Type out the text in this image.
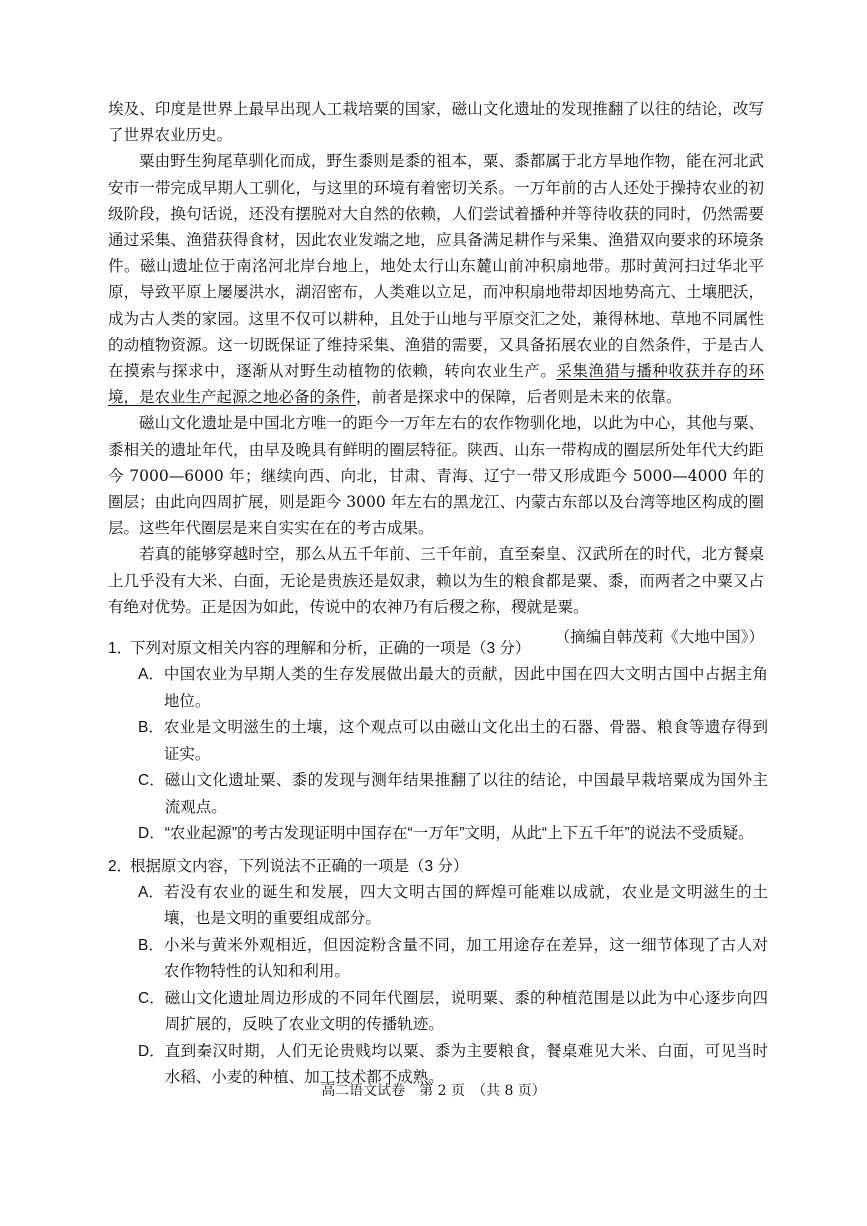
埃及、印度是世界上最早出现人工栽培粟的国家，磁山文化遗址的发现推翻了以往的结论，改写了世界农业历史。

粟由野生狗尾草驯化而成，野生黍则是黍的祖本，粟、黍都属于北方旱地作物，能在河北武安市一带完成早期人工驯化，与这里的环境有着密切关系。一万年前的古人还处于操持农业的初级阶段，换句话说，还没有摆脱对大自然的依赖，人们尝试着播种并等待收获的同时，仍然需要通过采集、渔猎获得食材，因此农业发端之地，应具备满足耕作与采集、渔猎双向要求的环境条件。磁山遗址位于南洺河北岸台地上，地处太行山东麓山前冲积扇地带。那时黄河扫过华北平原，导致平原上屡屡洪水，湖沼密布，人类难以立足，而冲积扇地带却因地势高亢、土壤肥沃，成为古人类的家园。这里不仅可以耕种，且处于山地与平原交汇之处，兼得林地、草地不同属性的动植物资源。这一切既保证了维持采集、渔猎的需要，又具备拓展农业的自然条件，于是古人在摸索与探求中，逐渐从对野生动植物的依赖，转向农业生产。采集渔猎与播种收获并存的环境，是农业生产起源之地必备的条件，前者是探求中的保障，后者则是未来的依靠。

磁山文化遗址是中国北方唯一的距今一万年左右的农作物驯化地，以此为中心，其他与粟、黍相关的遗址年代，由早及晚具有鲜明的圈层特征。陕西、山东一带构成的圈层所处年代大约距今 7000—6000 年；继续向西、向北，甘肃、青海、辽宁一带又形成距今 5000—4000 年的圈层；由此向四周扩展，则是距今 3000 年左右的黑龙江、内蒙古东部以及台湾等地区构成的圈层。这些年代圈层是来自实实在在的考古成果。

若真的能够穿越时空，那么从五千年前、三千年前，直至秦皇、汉武所在的时代，北方餐桌上几乎没有大米、白面，无论是贵族还是奴隶，赖以为生的粮食都是粟、黍，而两者之中粟又占有绝对优势。正是因为如此，传说中的农神乃有后稷之称，稷就是粟。

（摘编自韩茂莉《大地中国》）

1．下列对原文相关内容的理解和分析，正确的一项是（3 分）

A． 中国农业为早期人类的生存发展做出最大的贡献，因此中国在四大文明古国中占据主角地位。
B． 农业是文明滋生的土壤，这个观点可以由磁山文化出土的石器、骨器、粮食等遗存得到证实。
C． 磁山文化遗址粟、黍的发现与测年结果推翻了以往的结论，中国最早栽培粟成为国外主流观点。
D． “农业起源”的考古发现证明中国存在“一万年”文明，从此“上下五千年”的说法不受质疑。

2．根据原文内容，下列说法不正确的一项是（3 分）

A． 若没有农业的诞生和发展，四大文明古国的辉煌可能难以成就，农业是文明滋生的土壤，也是文明的重要组成部分。
B． 小米与黄米外观相近，但因淀粉含量不同，加工用途存在差异，这一细节体现了古人对农作物特性的认知和利用。
C． 磁山文化遗址周边形成的不同年代圈层，说明粟、黍的种植范围是以此为中心逐步向四周扩展的，反映了农业文明的传播轨迹。
D． 直到秦汉时期，人们无论贵贱均以粟、黍为主要粮食，餐桌难见大米、白面，可见当时水稻、小麦的种植、加工技术都不成熟。
高二语文试卷　第 2 页　（共 8 页）
